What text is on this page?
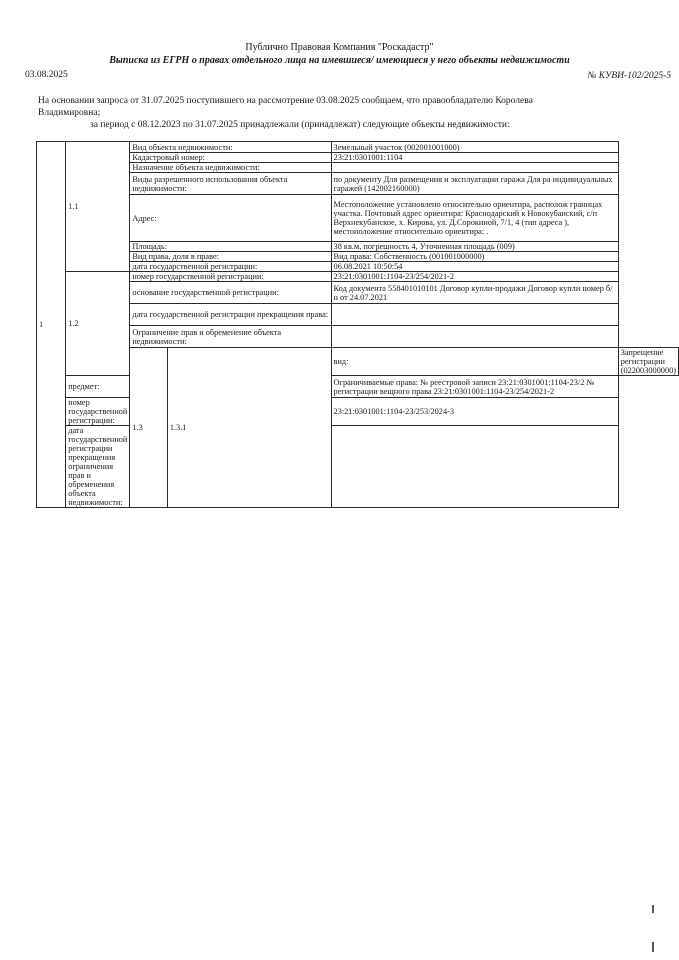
Публично Правовая Компания "Роскадастр"
Выписка из ЕГРН о правах отдельного лица на имевшиеся/ имеющиеся у него объекты недвижимости
03.08.2025	№ КУВИ-102/2025-5
На основании запроса от 31.07.2025 поступившего на рассмотрение 03.08.2025 сообщаем, что правообладателю Королева
Владимировна;
за период с 08.12.2023 по 31.07.2025 принадлежали (принадлежат) следующие объекты недвижимости:
1	1.1	Вид объекта недвижимости:		Земельный участок (002001001000)	
		Кадастровый номер:		23:21:0301001:1104	
		Назначение объекта недвижимости:			
		Виды разрешенного использования объекта недвижимости:		по документу Для размещения и эксплуатации гаража Для ра индивидуальных гаражей (142002160000)	
		Адрес:		Местоположение установлено относительно ориентира, располож границах участка. Почтовый адрес ориентира: Краснодарский к Новокубанский, с/п Верхнекубанское, х. Кирова, ул. Д.Сорокиной, 7/1, 4 (тип адреса ), местоположение относительно ориентира: .	
		Площадь:		38 кв.м, погрешность 4, Уточненная площадь (009)	
		Вид права, доля в праве:		Вид права: Собственность (001001000000)	
		дата государственной регистрации:		06.08.2021 10:50:54	
	1.2	номер государственной регистрации:		23:21:0301001:1104-23/254/2021-2	
		основание государственной регистрации:		Код документа 558401010101 Договор купли-продажи Договор купли номер б/н от 24.07.2021	
		дата государственной регистрации прекращения права:			
		Ограничение прав и обременение объекта недвижимости:			
		1.3	1.3.1	вид:	Запрещение регистрации (022003000000)
	предмет:			Ограничиваемые права: № реестровой записи 23:21:0301001:1104-23/2 № регистрации вещного права 23:21:0301001:1104-23/254/2021-2	
	номер государственной регистрации:			23:21:0301001:1104-23/253/2024-3	
	дата государственной регистрации прекращения ограничения прав и обременения объекта недвижимости:				
